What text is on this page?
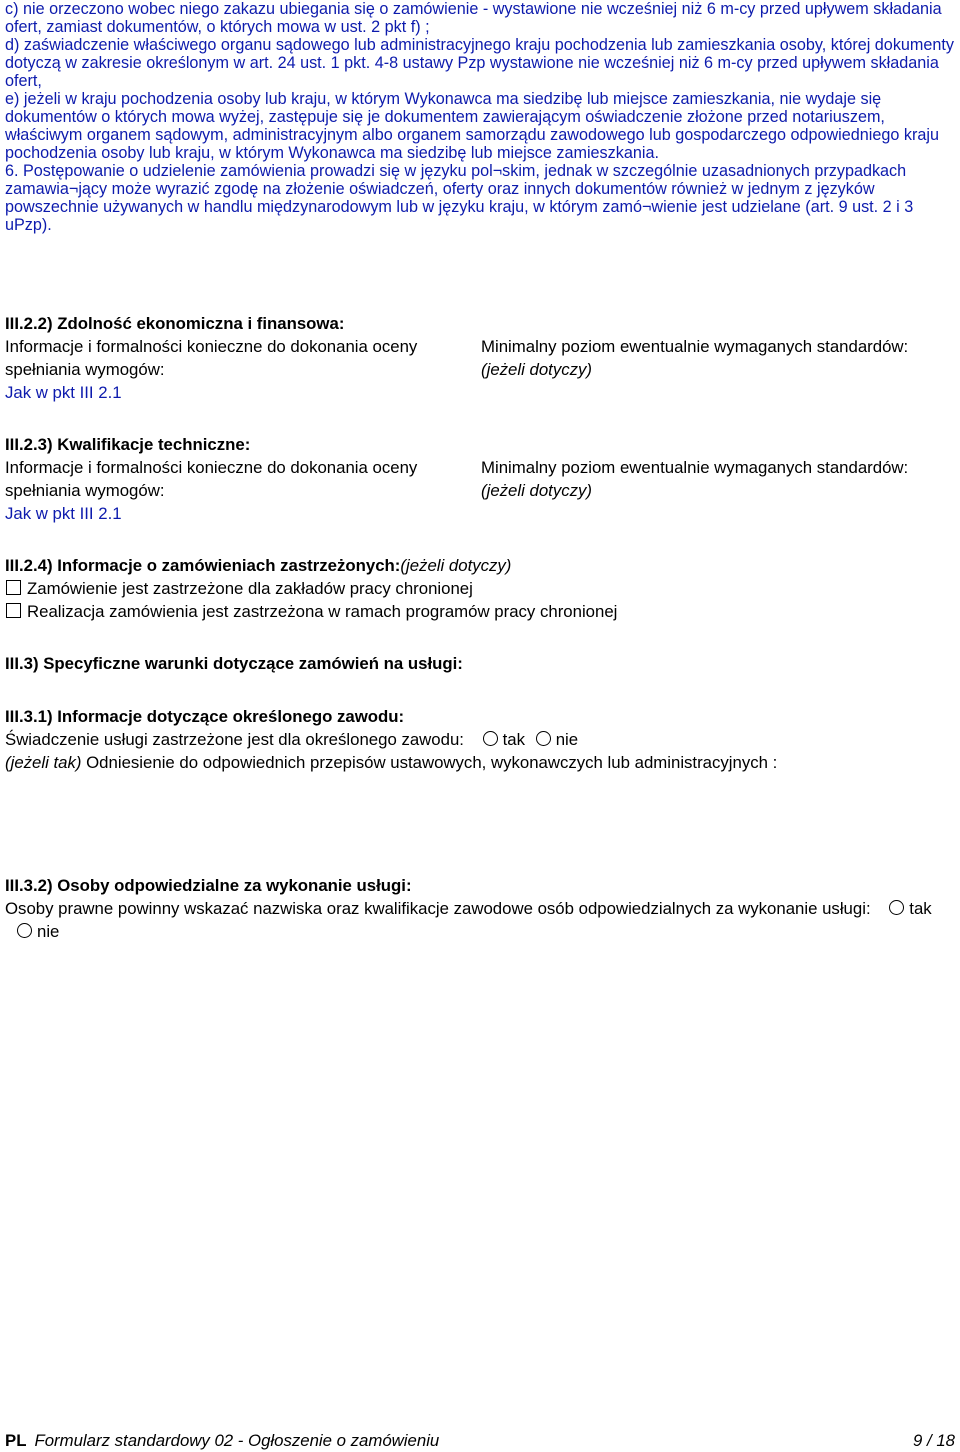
c) nie orzeczono wobec niego zakazu ubiegania się o zamówienie - wystawione nie wcześniej niż 6 m-cy przed upływem składania ofert, zamiast dokumentów, o których mowa w ust. 2 pkt f) ;

d) zaświadczenie właściwego organu sądowego lub administracyjnego kraju pochodzenia lub zamieszkania osoby, której dokumenty dotyczą w zakresie określonym w art. 24 ust. 1 pkt. 4-8 ustawy Pzp wystawione nie wcześniej niż 6 m-cy przed upływem składania ofert,

e) jeżeli w kraju pochodzenia osoby lub kraju, w którym Wykonawca ma siedzibę lub miejsce zamieszkania, nie wydaje się dokumentów o których mowa wyżej, zastępuje się je dokumentem zawierającym oświadczenie złożone przed notariuszem, właściwym organem sądowym, administracyjnym albo organem samorządu zawodowego lub gospodarczego odpowiedniego kraju pochodzenia osoby lub kraju, w którym Wykonawca ma siedzibę lub miejsce zamieszkania.

6. Postępowanie o udzielenie zamówienia prowadzi się w języku pol¬skim, jednak w szczególnie uzasadnionych przypadkach zamawia¬jący może wyrazić zgodę na złożenie oświadczeń, oferty oraz innych dokumentów również w jednym z języków powszechnie używanych w handlu międzynarodowym lub w języku kraju, w którym zamó¬wienie jest udzielane (art. 9 ust. 2 i 3 uPzp).

III.2.2) Zdolność ekonomiczna i finansowa:

Informacje i formalności konieczne do dokonania oceny spełniania wymogów:
Minimalny poziom ewentualnie wymaganych standardów: (jeżeli dotyczy)

Jak w pkt III 2.1

III.2.3) Kwalifikacje techniczne:

Informacje i formalności konieczne do dokonania oceny spełniania wymogów:
Minimalny poziom ewentualnie wymaganych standardów: (jeżeli dotyczy)

Jak w pkt III 2.1

III.2.4) Informacje o zamówieniach zastrzeżonych:(jeżeli dotyczy)

Zamówienie jest zastrzeżone dla zakładów pracy chronionej

Realizacja zamówienia jest zastrzeżona w ramach programów pracy chronionej

III.3) Specyficzne warunki dotyczące zamówień na usługi:

III.3.1) Informacje dotyczące określonego zawodu:

Świadczenie usługi zastrzeżone jest dla określonego zawodu: tak nie

(jeżeli tak) Odniesienie do odpowiednich przepisów ustawowych, wykonawczych lub administracyjnych :

III.3.2) Osoby odpowiedzialne za wykonanie usługi:

Osoby prawne powinny wskazać nazwiska oraz kwalifikacje zawodowe osób odpowiedzialnych za wykonanie usługi: tak nie

PL Formularz standardowy 02 - Ogłoszenie o zamówieniu	9 / 18
